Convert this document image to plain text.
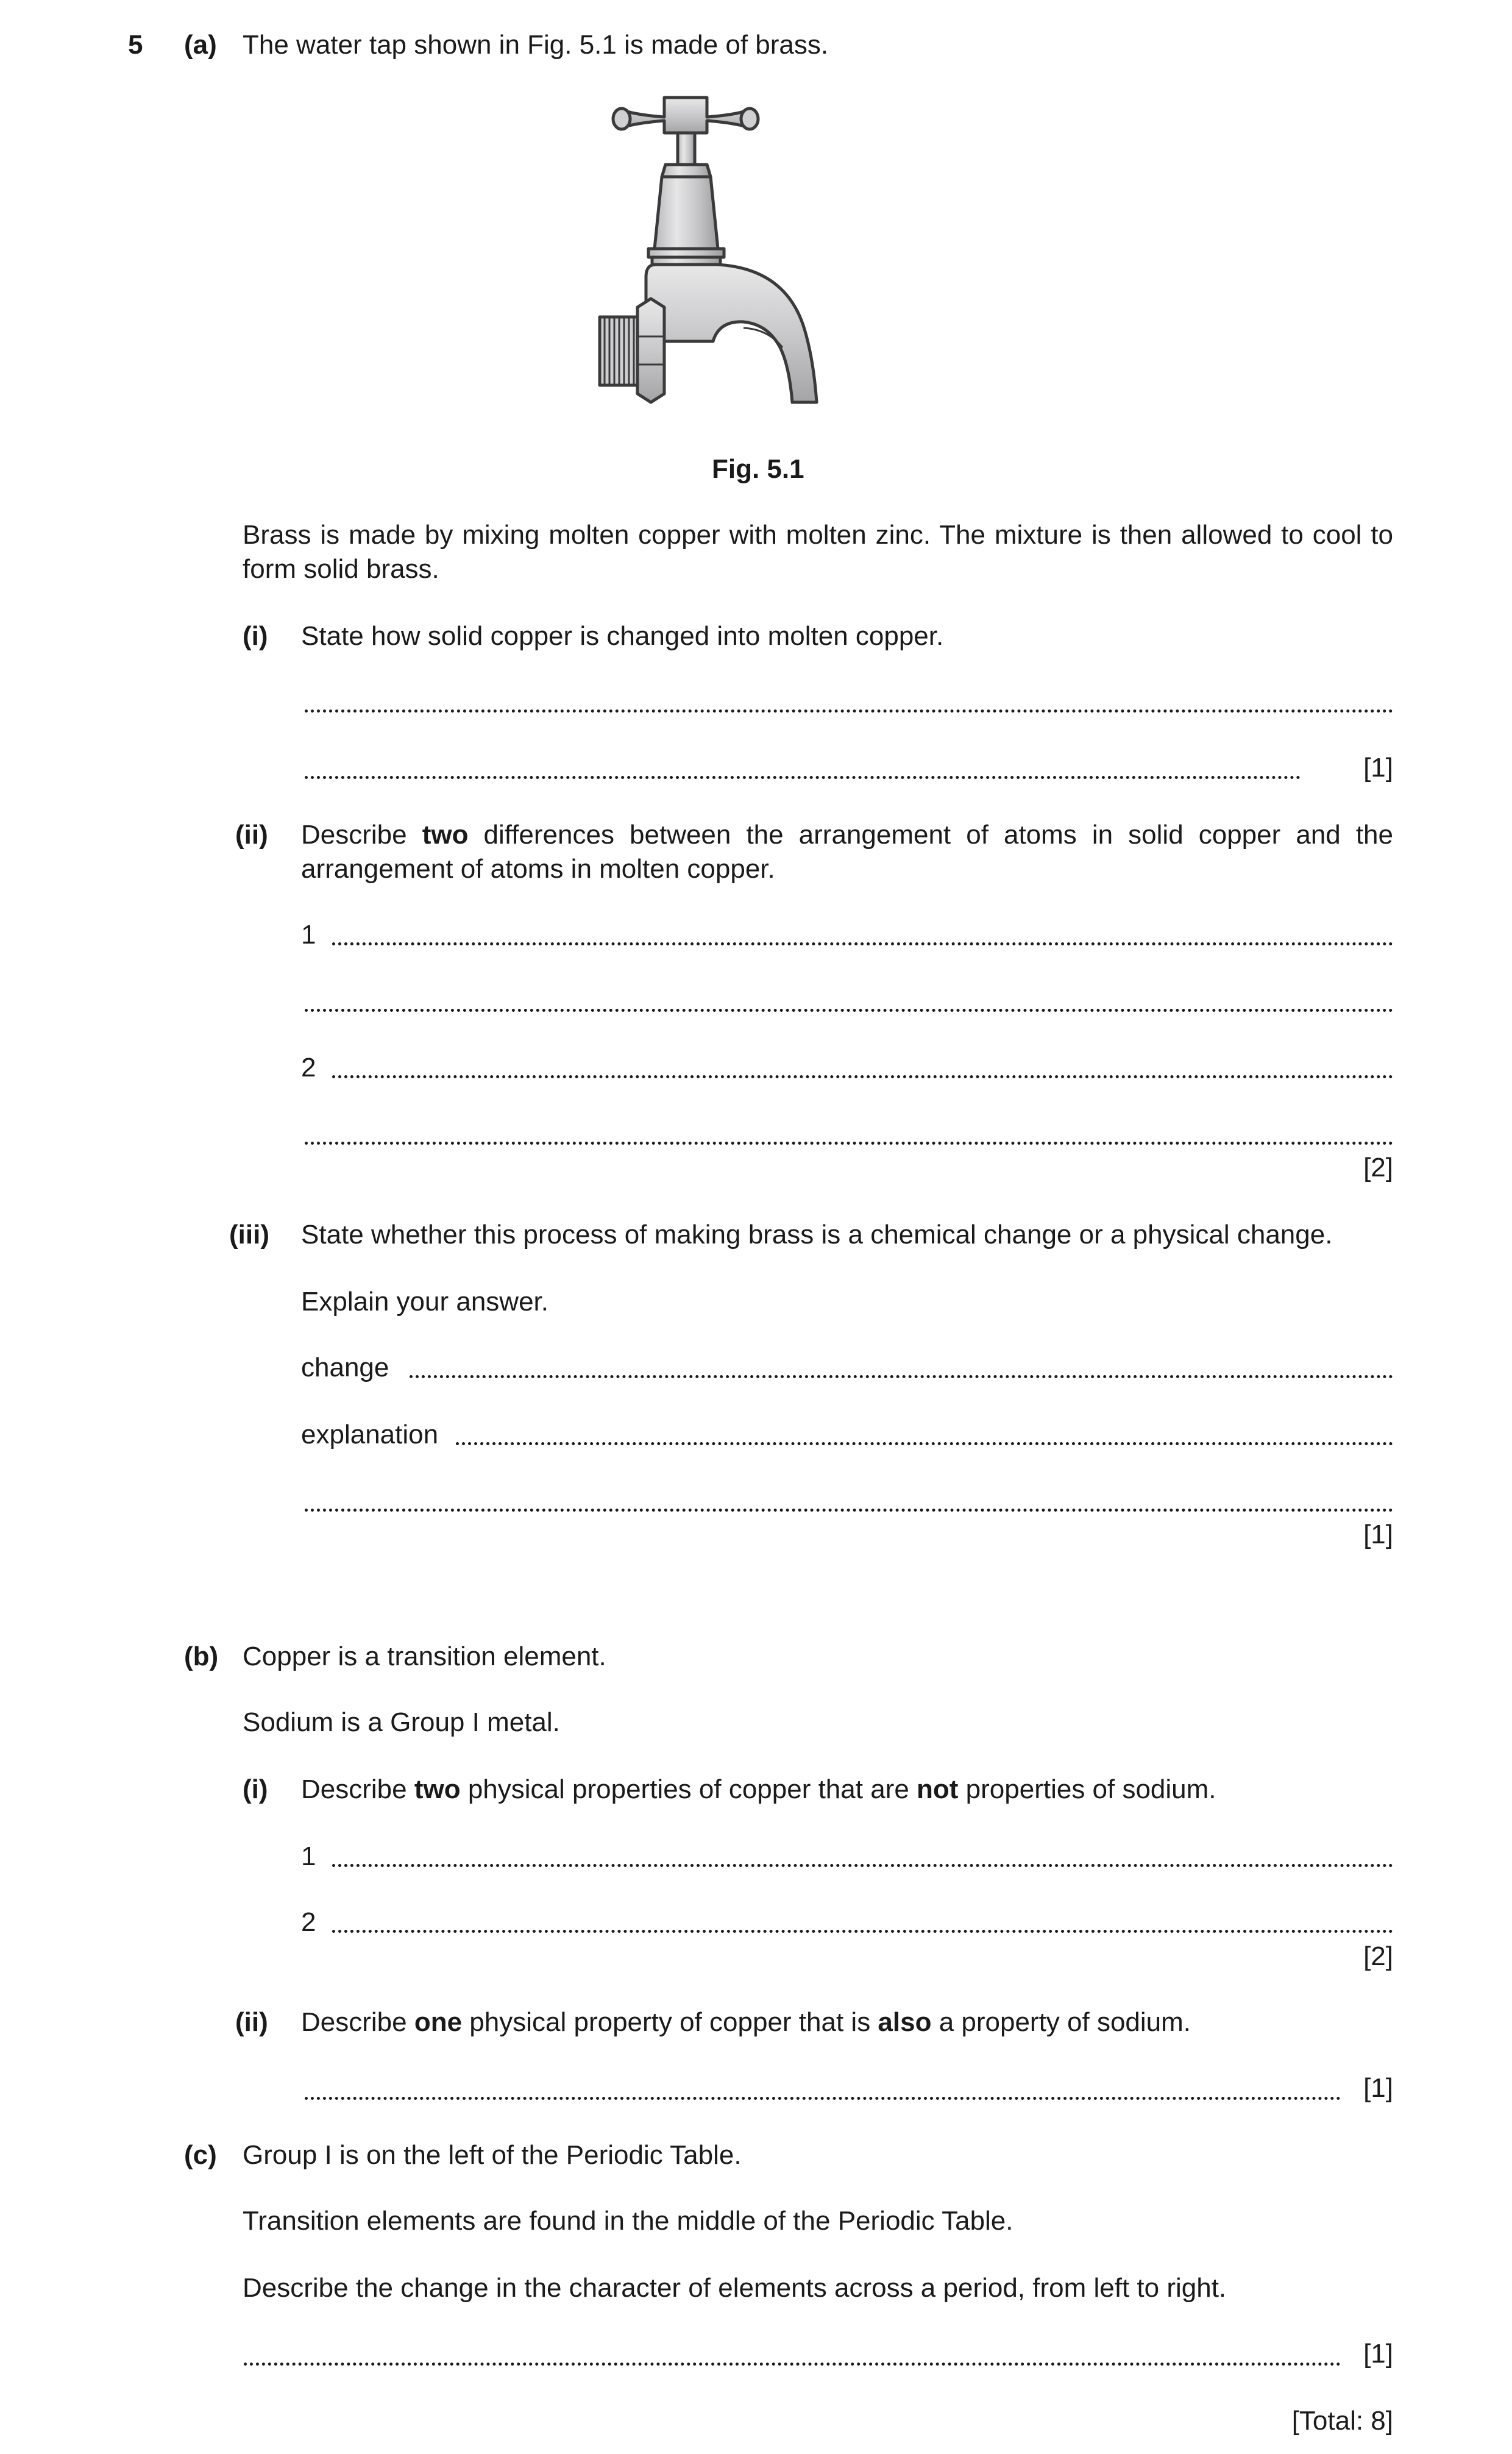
5 (a) The water tap shown in Fig. 5.1 is made of brass.
Fig. 5.1
Brass is made by mixing molten copper with molten zinc. The mixture is then allowed to cool to form solid brass.
(i) State how solid copper is changed into molten copper.
[1]
(ii) Describe two differences between the arrangement of atoms in solid copper and the arrangement of atoms in molten copper.
1
2
[2]
(iii) State whether this process of making brass is a chemical change or a physical change.
Explain your answer.
change
explanation
[1]
(b) Copper is a transition element.
Sodium is a Group I metal.
(i) Describe two physical properties of copper that are not properties of sodium.
1
2
[2]
(ii) Describe one physical property of copper that is also a property of sodium.
[1]
(c) Group I is on the left of the Periodic Table.
Transition elements are found in the middle of the Periodic Table.
Describe the change in the character of elements across a period, from left to right.
[1]
[Total: 8]
